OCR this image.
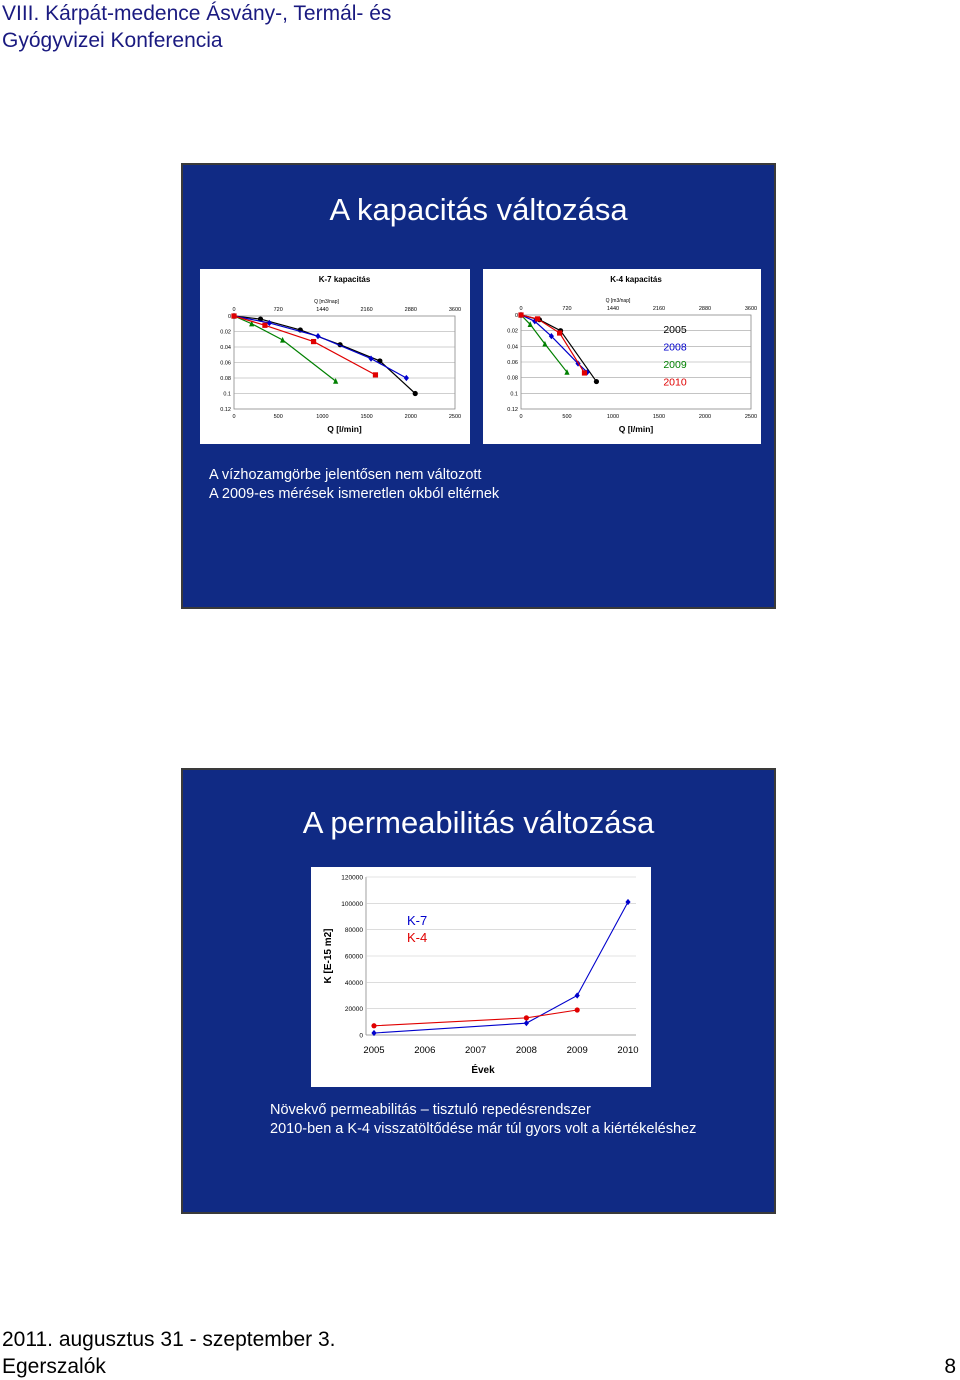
VIII. Kárpát-medence Ásvány-, Termál- és
Gyógyvizei Konferencia
A kapacitás változása
K-7 kapacitás
0
0.02
0.04
0.06
0.08
0.1
0.12
0	500	1000	1500	2000	2500
0	720	1440	2160	2880	3600
Q [m3/nap]
Q [l/min]
K-4 kapacitás
0
0.02
0.04
0.06
0.08
0.1
0.12
0	500	1000	1500	2000	2500
0	720	1440	2160	2880	3600
Q [m3/nap]
Q [l/min]
2005
2008
2009
2010
A vízhozamgörbe jelentősen nem változott
A 2009-es mérések ismeretlen okból eltérnek
A permeabilitás változása
0
20000
40000
60000
80000
100000
120000
2005	2006	2007	2008	2009	2010
Évek
K [E-15 m2]
K-7
K-4
Növekvő permeabilitás – tisztuló repedésrendszer
2010-ben a K-4 visszatöltődése már túl gyors volt a kiértékeléshez
2011. augusztus 31 - szeptember 3.
Egerszalók	8
